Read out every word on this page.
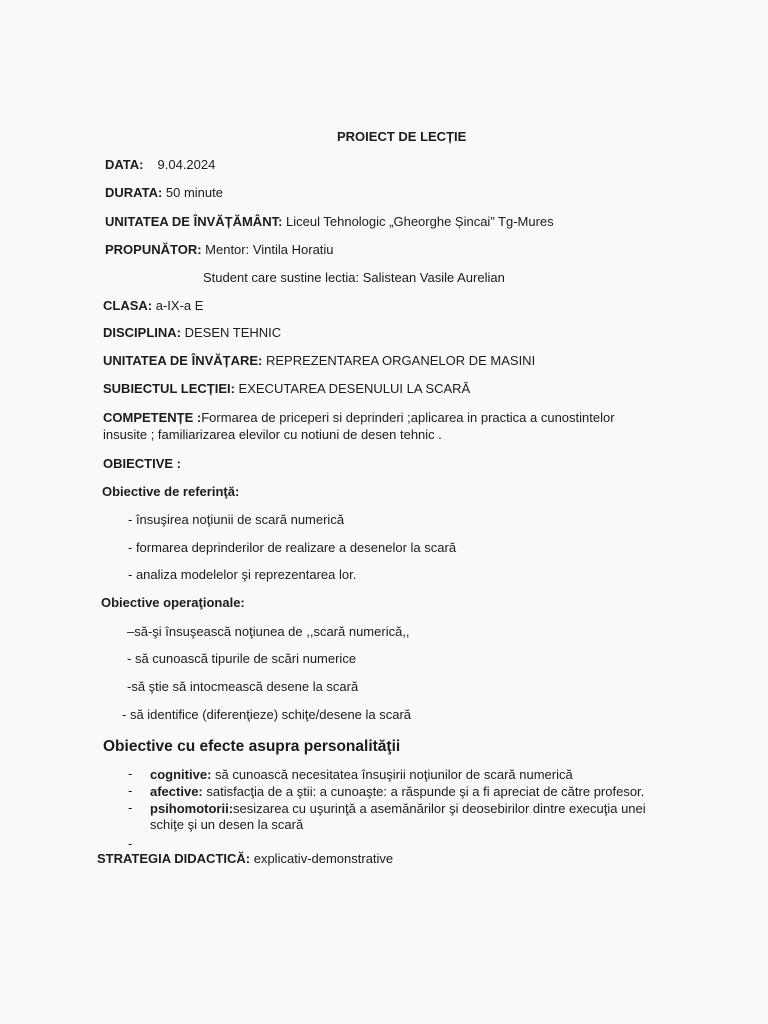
PROIECT DE LECȚIE
DATA: 9.04.2024
DURATA: 50 minute
UNITATEA DE ÎNVĂȚĂMÂNT: Liceul Tehnologic „Gheorghe Șincai” Tg-Mures
PROPUNĂTOR: Mentor: Vintila Horatiu
Student care sustine lectia: Salistean Vasile Aurelian
CLASA: a-IX-a E
DISCIPLINA: DESEN TEHNIC
UNITATEA DE ÎNVĂȚARE: REPREZENTAREA ORGANELOR DE MASINI
SUBIECTUL LECȚIEI: EXECUTAREA DESENULUI LA SCARĂ
COMPETENȚE :Formarea de priceperi si deprinderi ;aplicarea in practica a cunostintelor
insusite ; familiarizarea elevilor cu notiuni de desen tehnic .
OBIECTIVE :
Obiective de referinţă:
- însuşirea noţiunii de scară numerică
- formarea deprinderilor de realizare a desenelor la scară
- analiza modelelor şi reprezentarea lor.
Obiective operaţionale:
–să-şi însuşească noţiunea de ,,scară numerică,,
- să cunoască tipurile de scări numerice
-să ştie să intocmească desene la scară
- să identifice (diferenţieze) schiţe/desene la scară
Obiective cu efecte asupra personalităţii
- cognitive: să cunoască necesitatea însuşirii noţiunilor de scară numerică
- afective: satisfacţia de a ştii: a cunoaşte: a răspunde şi a fi apreciat de către profesor.
- psihomotorii:sesizarea cu uşurinţă a asemănărilor şi deosebirilor dintre execuţia unei
schiţe şi un desen la scară
-
STRATEGIA DIDACTICĂ: explicativ-demonstrative
